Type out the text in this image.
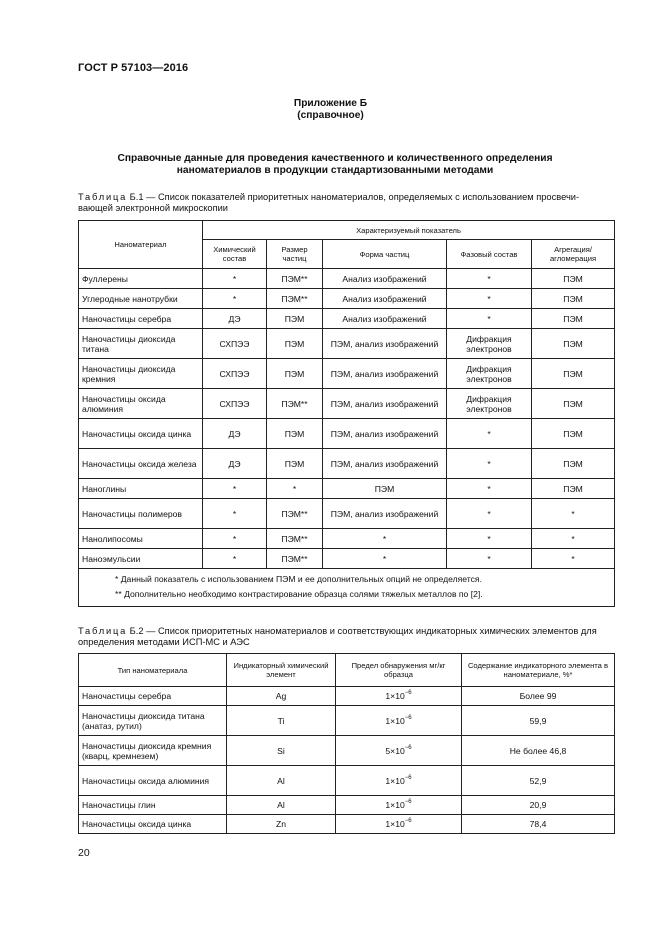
ГОСТ Р 57103—2016
Приложение Б
(справочное)
Справочные данные для проведения качественного и количественного определения
наноматериалов в продукции стандартизованными методами
Таблица Б.1 — Список показателей приоритетных наноматериалов, определяемых с использованием просвечи-вающей электронной микроскопии
Наноматериал	Характеризуемый показатель				
	Химический состав	Размер частиц	Форма частиц	Фазовый состав	Агрегация/ агломерация
Фуллерены	*	ПЭМ**	Анализ изображений	*	ПЭМ
Углеродные нанотрубки	*	ПЭМ**	Анализ изображений	*	ПЭМ
Наночастицы серебра	ДЭ	ПЭМ	Анализ изображений	*	ПЭМ
Наночастицы диоксида титана	СХПЭЭ	ПЭМ	ПЭМ, анализ изображений	Дифракция электронов	ПЭМ
Наночастицы диоксида кремния	СХПЭЭ	ПЭМ	ПЭМ, анализ изображений	Дифракция электронов	ПЭМ
Наночастицы оксида алюминия	СХПЭЭ	ПЭМ**	ПЭМ, анализ изображений	Дифракция электронов	ПЭМ
Наночастицы оксида цинка	ДЭ	ПЭМ	ПЭМ, анализ изображений	*	ПЭМ
Наночастицы оксида железа	ДЭ	ПЭМ	ПЭМ, анализ изображений	*	ПЭМ
Наноглины	*	*	ПЭМ	*	ПЭМ
Наночастицы полимеров	*	ПЭМ**	ПЭМ, анализ изображений	*	*
Нанолипосомы	*	ПЭМ**	*	*	*
Наноэмульсии	*	ПЭМ**	*	*	*

* Данный показатель с использованием ПЭМ и ее дополнительных опций не определяется.
** Дополнительно необходимо контрастирование образца солями тяжелых металлов по [2].					
Таблица Б.2 — Список приоритетных наноматериалов и соответствующих индикаторных химических элементов для определения методами ИСП-МС и АЭС
Тип наноматериала	Индикаторный химический элемент	Предел обнаружения мг/кг образца	Содержание индикаторного элемента в наноматериале, %*
Наночастицы серебра	Ag	$1\times 10^{-6}$	Более 99
Наночастицы диоксида титана (анатаз, рутил)	Ti	$1\times 10^{-6}$	59,9
Наночастицы диоксида кремния (кварц, кремнезем)	Si	$5\times 10^{-6}$	Не более 46,8
Наночастицы оксида алюминия	Al	$1\times 10^{-6}$	52,9
Наночастицы глин	Al	$1\times 10^{-6}$	20,9
Наночастицы оксида цинка	Zn	$1\times 10^{-6}$	78,4
20
